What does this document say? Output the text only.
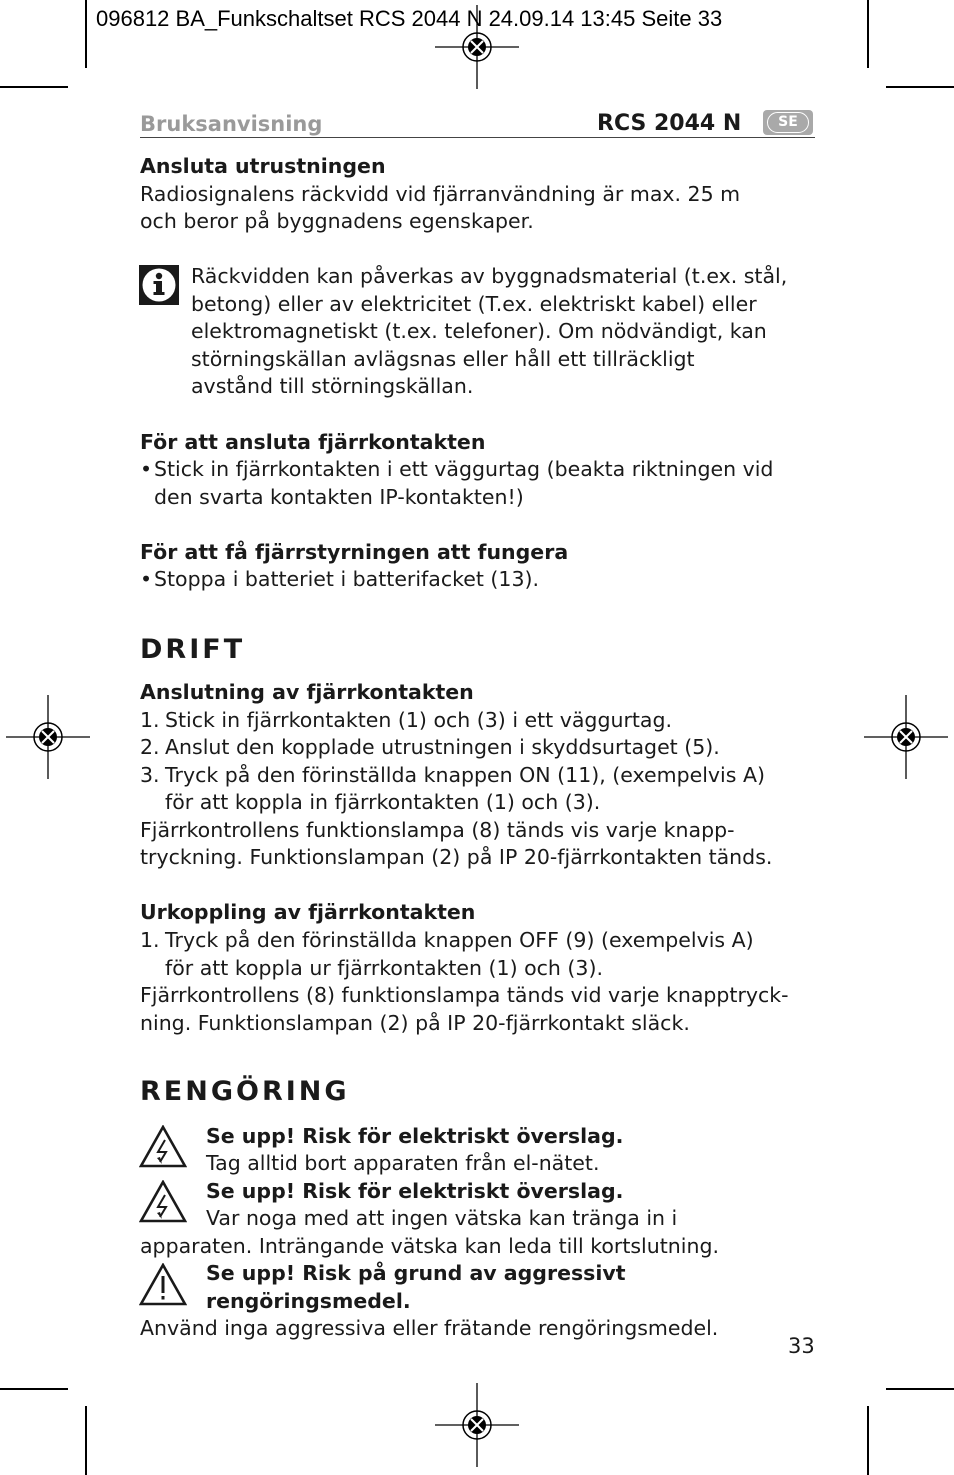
096812 BA_Funkschaltset RCS 2044 N 24.09.14 13:45 Seite 33
Bruksanvisning	RCS 2044 N	SE
Ansluta utrustningen
Radiosignalens räckvidd vid fjärranvändning är max. 25 m
och beror på byggnadens egenskaper.
Räckvidden kan påverkas av byggnadsmaterial (t.ex. stål,
betong) eller av elektricitet (T.ex. elektriskt kabel) eller
elektromagnetiskt (t.ex. telefoner). Om nödvändigt, kan
störningskällan avlägsnas eller håll ett tillräckligt
avstånd till störningskällan.
För att ansluta fjärrkontakten
• Stick in fjärrkontakten i ett väggurtag (beakta riktningen vid
den svarta kontakten IP-kontakten!)
För att få fjärrstyrningen att fungera
• Stoppa i batteriet i batterifacket (13).
DRIFT
Anslutning av fjärrkontakten
1. Stick in fjärrkontakten (1) och (3) i ett väggurtag.
2. Anslut den kopplade utrustningen i skyddsurtaget (5).
3. Tryck på den förinställda knappen ON (11), (exempelvis A)
för att koppla in fjärrkontakten (1) och (3).
Fjärrkontrollens funktionslampa (8) tänds vis varje knapp-
tryckning. Funktionslampan (2) på IP 20-fjärrkontakten tänds.
Urkoppling av fjärrkontakten
1. Tryck på den förinställda knappen OFF (9) (exempelvis A)
för att koppla ur fjärrkontakten (1) och (3).
Fjärrkontrollens (8) funktionslampa tänds vid varje knapptryck-
ning. Funktionslampan (2) på IP 20-fjärrkontakt släck.
RENGÖRING
Se upp! Risk för elektriskt överslag.
Tag alltid bort apparaten från el-nätet.
Se upp! Risk för elektriskt överslag.
Var noga med att ingen vätska kan tränga in i
apparaten. Inträngande vätska kan leda till kortslutning.
Se upp! Risk på grund av aggressivt
rengöringsmedel.
Använd inga aggressiva eller frätande rengöringsmedel.
33
